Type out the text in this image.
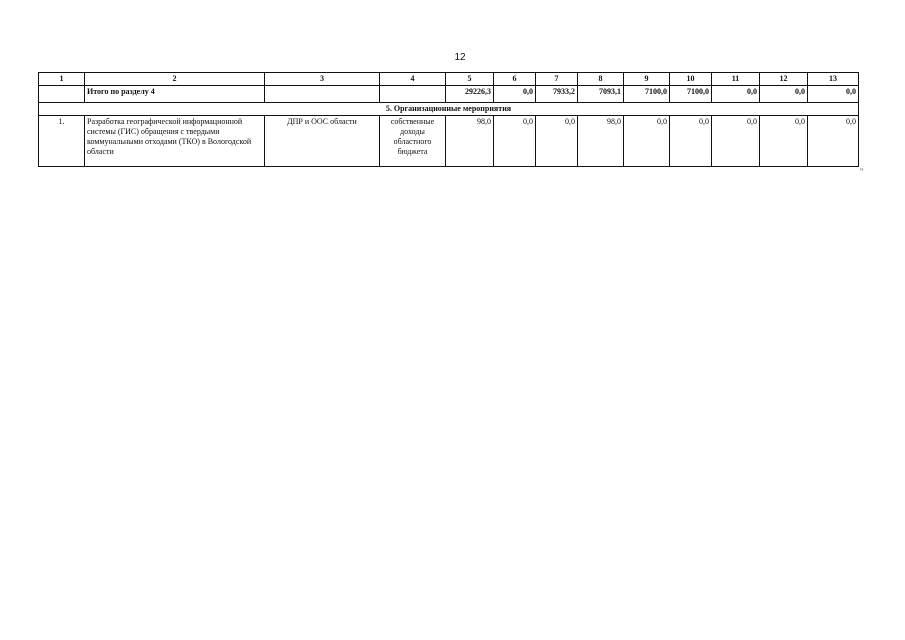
12
1	2	3	4	5	6	7	8	9	10	11	12	13
	Итого по разделу 4			29226,3	0,0	7933,2	7093,1	7100,0	7100,0	0,0	0,0	0,0
5. Организационные мероприятия												
1.	Разработка географической информационной системы (ГИС) обращения с твердыми коммунальными отходами (ТКО) в Вологодской области	ДПР и ООС области	собственные доходы областного бюджета	98,0	0,0	0,0	98,0	0,0	0,0	0,0	0,0	0,0
"
